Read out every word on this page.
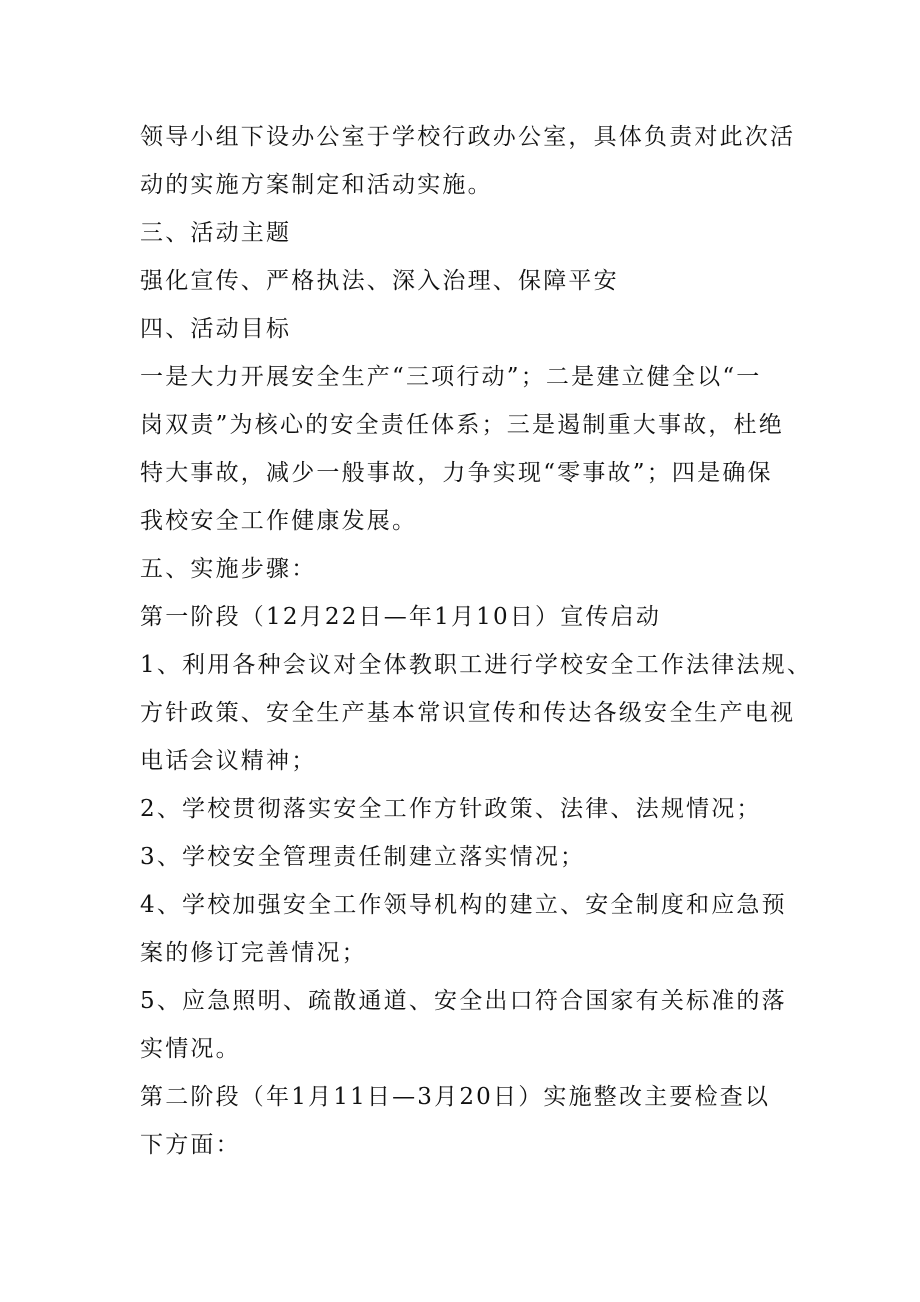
领导小组下设办公室于学校行政办公室，具体负责对此次活
动的实施方案制定和活动实施。
三、活动主题
强化宣传、严格执法、深入治理、保障平安
四、活动目标
一是大力开展安全生产“三项行动”；二是建立健全以“一
岗双责”为核心的安全责任体系；三是遏制重大事故，杜绝
特大事故，减少一般事故，力争实现“零事故”；四是确保
我校安全工作健康发展。
五、实施步骤：
第一阶段（12月22日—年1月10日）宣传启动
1、利用各种会议对全体教职工进行学校安全工作法律法规、
方针政策、安全生产基本常识宣传和传达各级安全生产电视
电话会议精神；
2、学校贯彻落实安全工作方针政策、法律、法规情况；
3、学校安全管理责任制建立落实情况；
4、学校加强安全工作领导机构的建立、安全制度和应急预
案的修订完善情况；
5、应急照明、疏散通道、安全出口符合国家有关标准的落
实情况。
第二阶段（年1月11日—3月20日）实施整改主要检查以
下方面：
